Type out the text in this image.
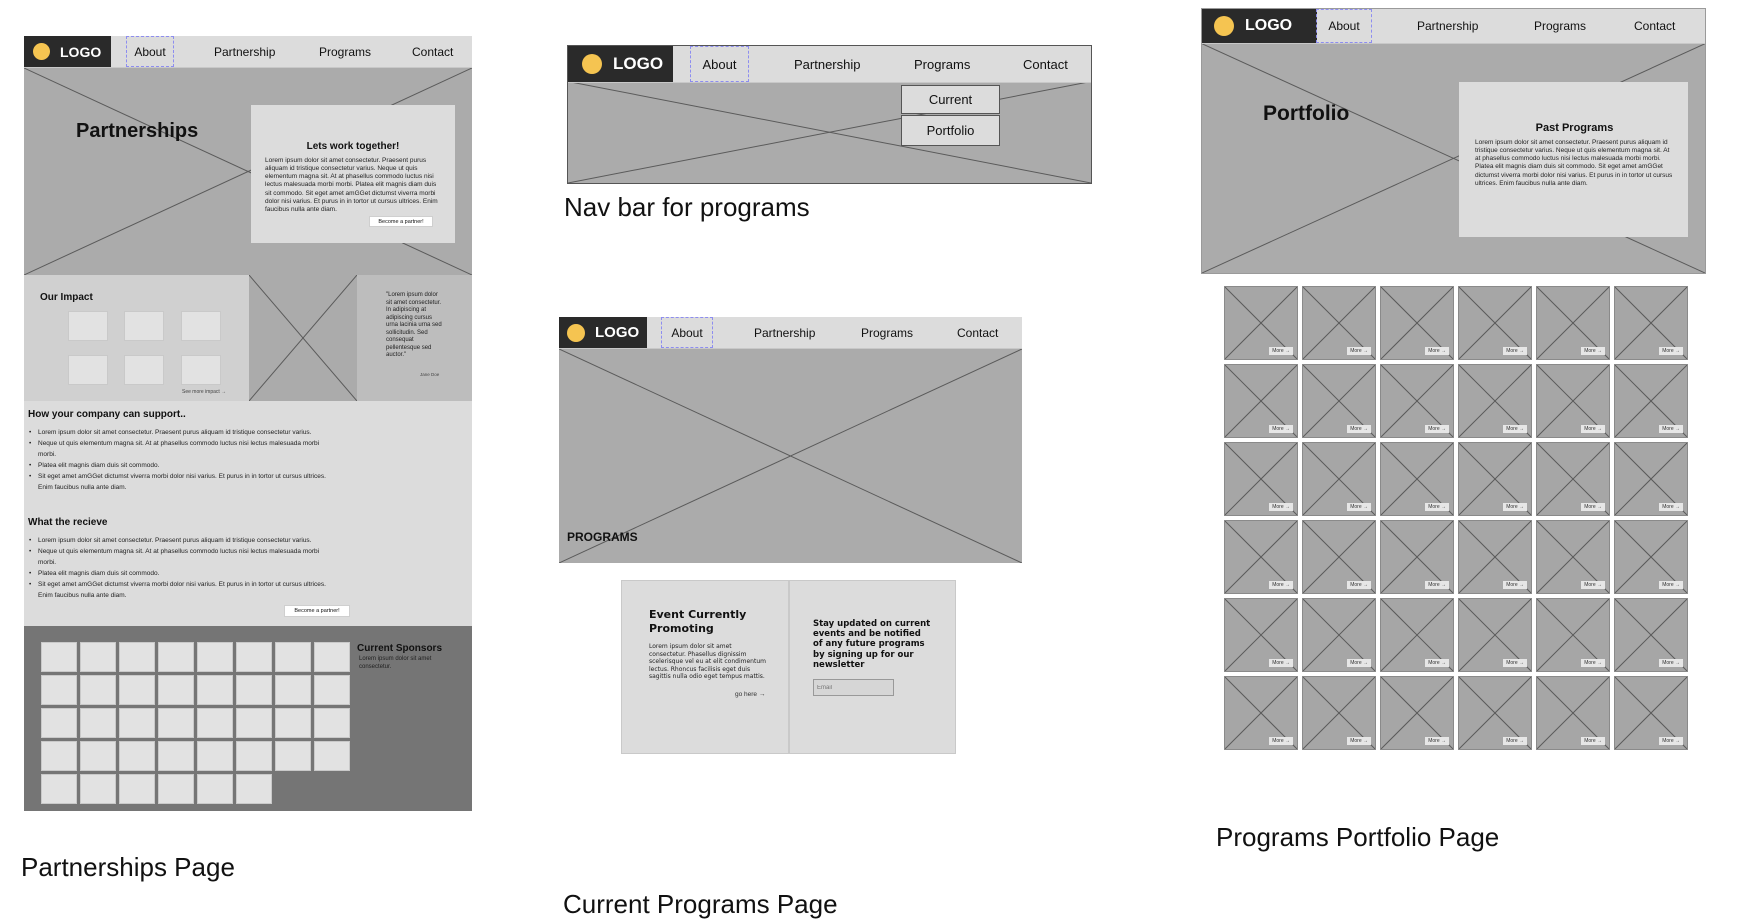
LOGO	About	Partnership	Programs	Contact
Partnerships
Lets work together!
Lorem ipsum dolor sit amet consectetur. Praesent purus aliquam id tristique consectetur varius. Neque ut quis elementum magna sit. At at phasellus commodo luctus nisi lectus malesuada morbi morbi. Platea elit magnis diam duis sit commodo. Sit eget amet amGGet dictumst viverra morbi dolor nisi varius. Et purus in in tortor ut cursus ultrices. Enim faucibus nulla ante diam.
Become a partner!
Our Impact
See more impact →
"Lorem ipsum dolor sit amet consectetur. In adipiscing at adipiscing cursus urna lacinia urna sed sollicitudin. Sed consequat pellentesque sed auctor."
Jane Doe
How your company can support..
• Lorem ipsum dolor sit amet consectetur. Praesent purus aliquam id tristique consectetur varius.
• Neque ut quis elementum magna sit. At at phasellus commodo luctus nisi lectus malesuada morbi morbi.
• Platea elit magnis diam duis sit commodo.
• Sit eget amet amGGet dictumst viverra morbi dolor nisi varius. Et purus in in tortor ut cursus ultrices. Enim faucibus nulla ante diam.
What the recieve
• Lorem ipsum dolor sit amet consectetur. Praesent purus aliquam id tristique consectetur varius.
• Neque ut quis elementum magna sit. At at phasellus commodo luctus nisi lectus malesuada morbi morbi.
• Platea elit magnis diam duis sit commodo.
• Sit eget amet amGGet dictumst viverra morbi dolor nisi varius. Et purus in in tortor ut cursus ultrices. Enim faucibus nulla ante diam.
Become a partner!
Current Sponsors
Lorem ipsum dolor sit amet consectetur.
Partnerships Page
LOGO	About	Partnership	Programs	Contact
Current
Portfolio
Nav bar for programs
LOGO	About	Partnership	Programs	Contact
PROGRAMS
Event Currently Promoting
Lorem ipsum dolor sit amet consectetur. Phasellus dignissim scelerisque vel eu at elit condimentum lectus. Rhoncus facilisis eget duis sagittis nulla odio eget tempus mattis.
go here →
Stay updated on current events and be notified of any future programs by signing up for our newsletter
Email
Current Programs Page
LOGO	About	Partnership	Programs	Contact
Portfolio
Past Programs
Lorem ipsum dolor sit amet consectetur. Praesent purus aliquam id tristique consectetur varius. Neque ut quis elementum magna sit. At at phasellus commodo luctus nisi lectus malesuada morbi morbi. Platea elit magnis diam duis sit commodo. Sit eget amet amGGet dictumst viverra morbi dolor nisi varius. Et purus in in tortor ut cursus ultrices. Enim faucibus nulla ante diam.
More →	More →	More →	More →	More →	More →
More →	More →	More →	More →	More →	More →
More →	More →	More →	More →	More →	More →
More →	More →	More →	More →	More →	More →
More →	More →	More →	More →	More →	More →
More →	More →	More →	More →	More →	More →
Programs Portfolio Page
